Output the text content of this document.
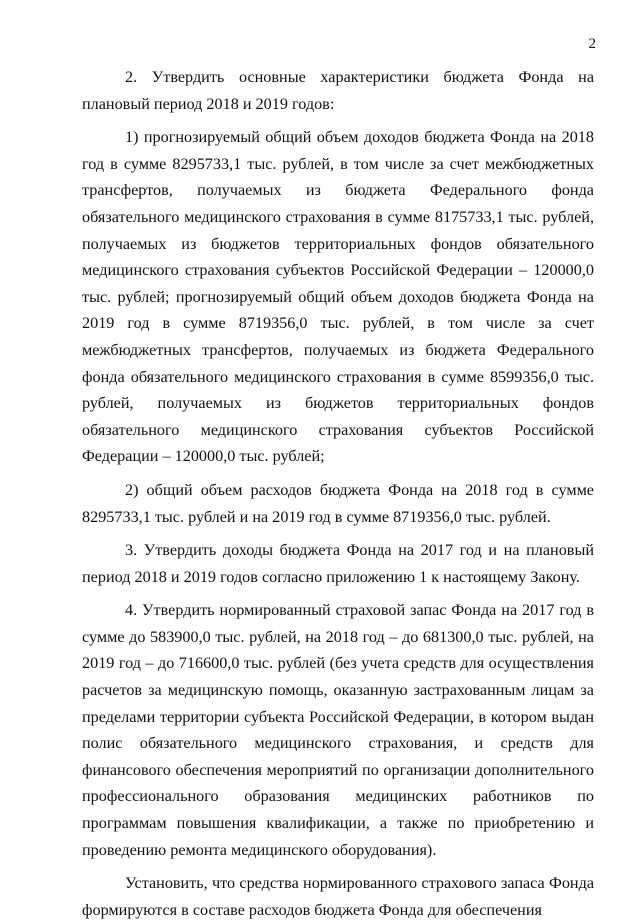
2

2. Утвердить основные характеристики бюджета Фонда на плановый период 2018 и 2019 годов:

1) прогнозируемый общий объем доходов бюджета Фонда на 2018 год в сумме 8295733,1 тыс. рублей, в том числе за счет межбюджетных трансфертов, получаемых из бюджета Федерального фонда обязательного медицинского страхования в сумме 8175733,1 тыс. рублей, получаемых из бюджетов территориальных фондов обязательного медицинского страхования субъектов Российской Федерации – 120000,0 тыс. рублей; прогнозируемый общий объем доходов бюджета Фонда на 2019 год в сумме 8719356,0 тыс. рублей, в том числе за счет межбюджетных трансфертов, получаемых из бюджета Федерального фонда обязательного медицинского страхования в сумме 8599356,0 тыс. рублей, получаемых из бюджетов территориальных фондов обязательного медицинского страхования субъектов Российской Федерации – 120000,0 тыс. рублей;

2) общий объем расходов бюджета Фонда на 2018 год в сумме 8295733,1 тыс. рублей и на 2019 год в сумме 8719356,0 тыс. рублей.

3. Утвердить доходы бюджета Фонда на 2017 год и на плановый период 2018 и 2019 годов согласно приложению 1 к настоящему Закону.

4. Утвердить нормированный страховой запас Фонда на 2017 год в сумме до 583900,0 тыс. рублей, на 2018 год – до 681300,0 тыс. рублей, на 2019 год – до 716600,0 тыс. рублей (без учета средств для осуществления расчетов за медицинскую помощь, оказанную застрахованным лицам за пределами территории субъекта Российской Федерации, в котором выдан полис обязательного медицинского страхования, и средств для финансового обеспечения мероприятий по организации дополнительного профессионального образования медицинских работников по программам повышения квалификации, а также по приобретению и проведению ремонта медицинского оборудования).

Установить, что средства нормированного страхового запаса Фонда формируются в составе расходов бюджета Фонда для обеспечения
